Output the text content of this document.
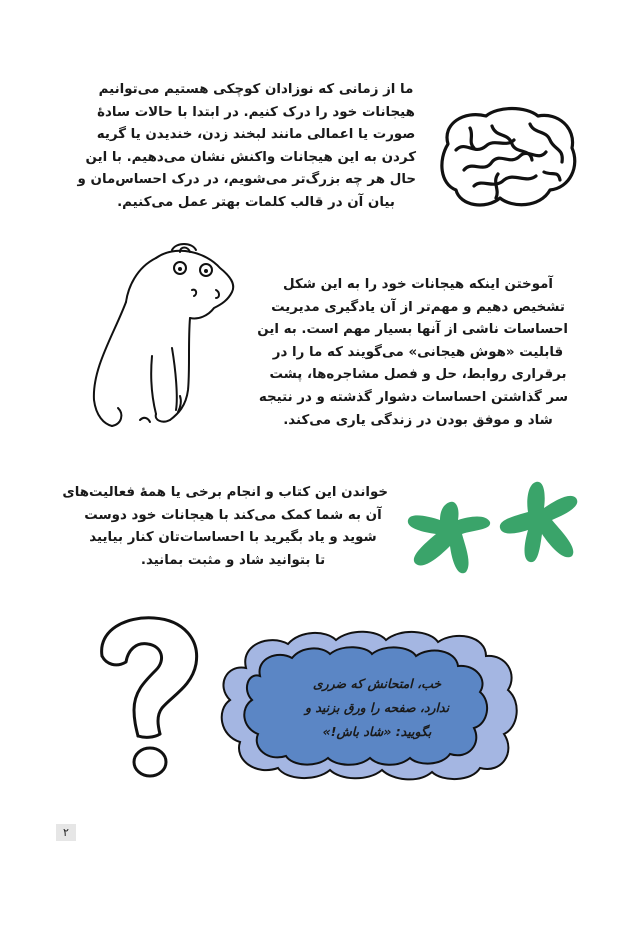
ما از زمانی که نوزادان کوچکی هستیم می‌توانیم
هیجانات خود را درک کنیم. در ابتدا با حالات سادهٔ
صورت یا اعمالی مانند لبخند زدن، خندیدن یا گریه
کردن به این هیجانات واکنش نشان می‌دهیم. با این
حال هر چه بزرگ‌تر می‌شویم، در درک احساس‌مان و
بیان آن در قالب کلمات بهتر عمل می‌کنیم.
آموختن اینکه هیجانات خود را به این شکل
تشخیص دهیم و مهم‌تر از آن یادگیری مدیریت
احساسات ناشی از آنها بسیار مهم است. به این
قابلیت «هوش هیجانی» می‌گویند که ما را در
برقراری روابط، حل و فصل مشاجره‌ها، پشت
سر گذاشتن احساسات دشوار گذشته و در نتیجه
شاد و موفق بودن در زندگی یاری می‌کند.
خواندن این کتاب و انجام برخی یا همهٔ فعالیت‌های
آن به شما کمک می‌کند با هیجانات خود دوست
شوید و یاد بگیرید با احساسات‌تان کنار بیایید
تا بتوانید شاد و مثبت بمانید.
خب، امتحانش که ضرری
ندارد، صفحه را ورق بزنید و
بگویید: «شاد باش!»
۲
